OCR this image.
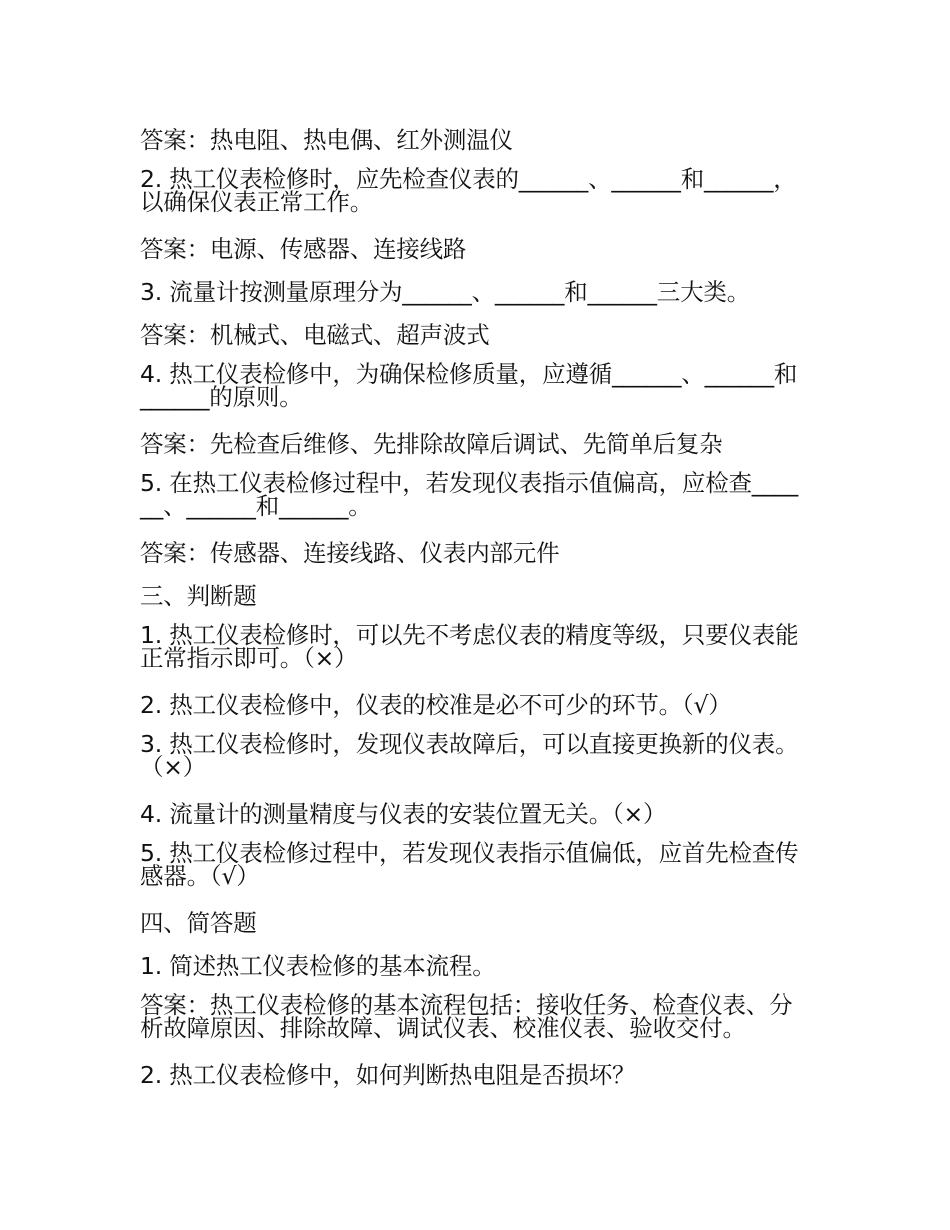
答案：热电阻、热电偶、红外测温仪

2. 热工仪表检修时，应先检查仪表的______、______和______，以确保仪表正常工作。

答案：电源、传感器、连接线路

3. 流量计按测量原理分为______、______和______三大类。

答案：机械式、电磁式、超声波式

4. 热工仪表检修中，为确保检修质量，应遵循______、______和______的原则。

答案：先检查后维修、先排除故障后调试、先简单后复杂

5. 在热工仪表检修过程中，若发现仪表指示值偏高，应检查______、______和______。

答案：传感器、连接线路、仪表内部元件

三、判断题

1. 热工仪表检修时，可以先不考虑仪表的精度等级，只要仪表能正常指示即可。（×）

2. 热工仪表检修中，仪表的校准是必不可少的环节。（√）

3. 热工仪表检修时，发现仪表故障后，可以直接更换新的仪表。（×）

4. 流量计的测量精度与仪表的安装位置无关。（×）

5. 热工仪表检修过程中，若发现仪表指示值偏低，应首先检查传感器。（√）

四、简答题

1. 简述热工仪表检修的基本流程。

答案：热工仪表检修的基本流程包括：接收任务、检查仪表、分析故障原因、排除故障、调试仪表、校准仪表、验收交付。

2. 热工仪表检修中，如何判断热电阻是否损坏？
